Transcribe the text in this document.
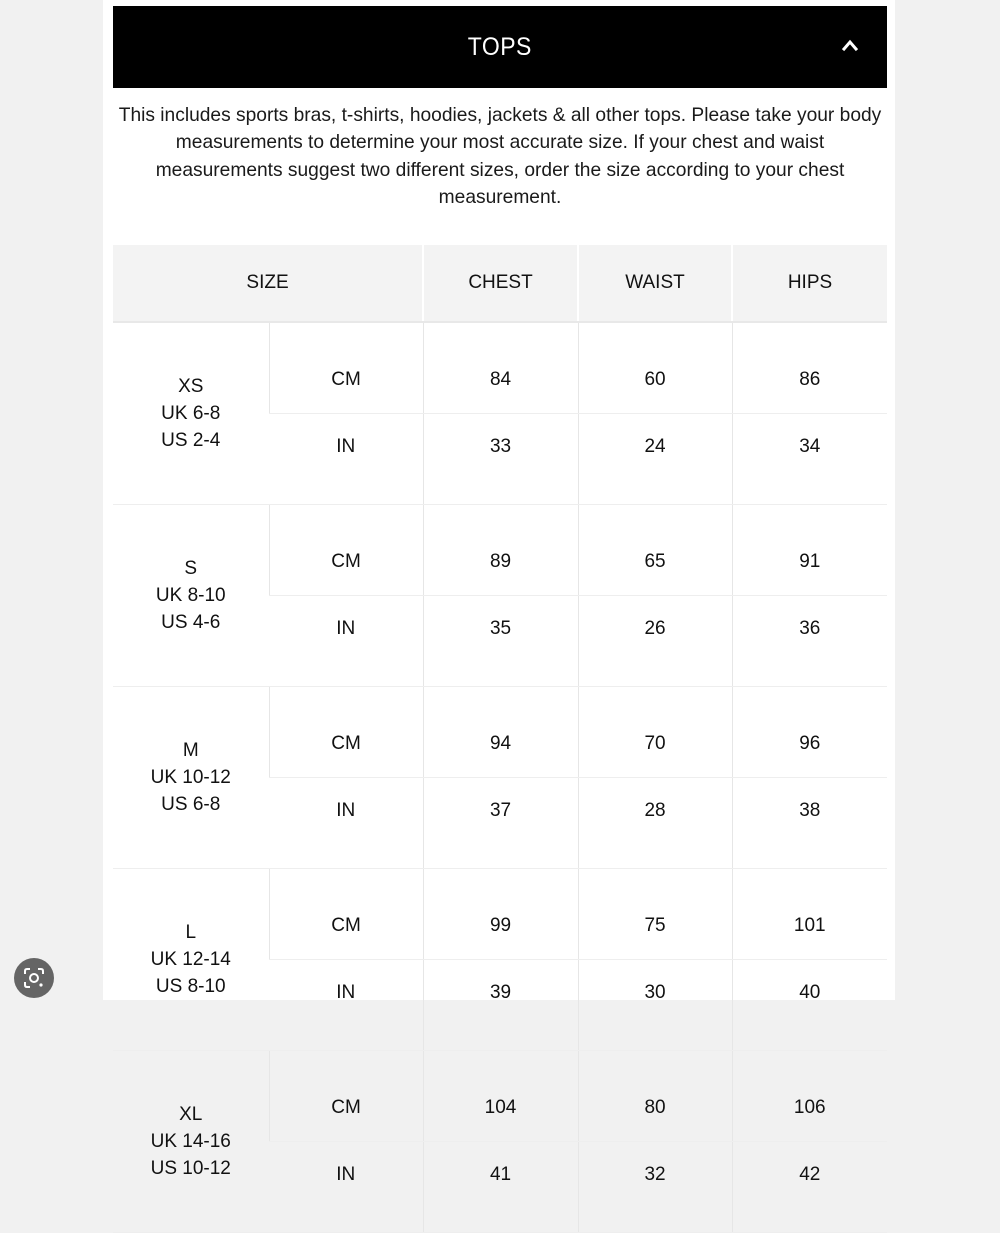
TOPS
This includes sports bras, t-shirts, hoodies, jackets & all other tops. Please take your body measurements to determine your most accurate size. If your chest and waist measurements suggest two different sizes, order the size according to your chest measurement.
SIZE		CHEST	WAIST	HIPS

XS
UK 6-8
US 2-4	CM	84	60	86
	IN	33	24	34

S
UK 8-10
US 4-6	CM	89	65	91
	IN	35	26	36

M
UK 10-12
US 6-8	CM	94	70	96
	IN	37	28	38

L
UK 12-14
US 8-10	CM	99	75	101
	IN	39	30	40

XL
UK 14-16
US 10-12	CM	104	80	106
	IN	41	32	42
